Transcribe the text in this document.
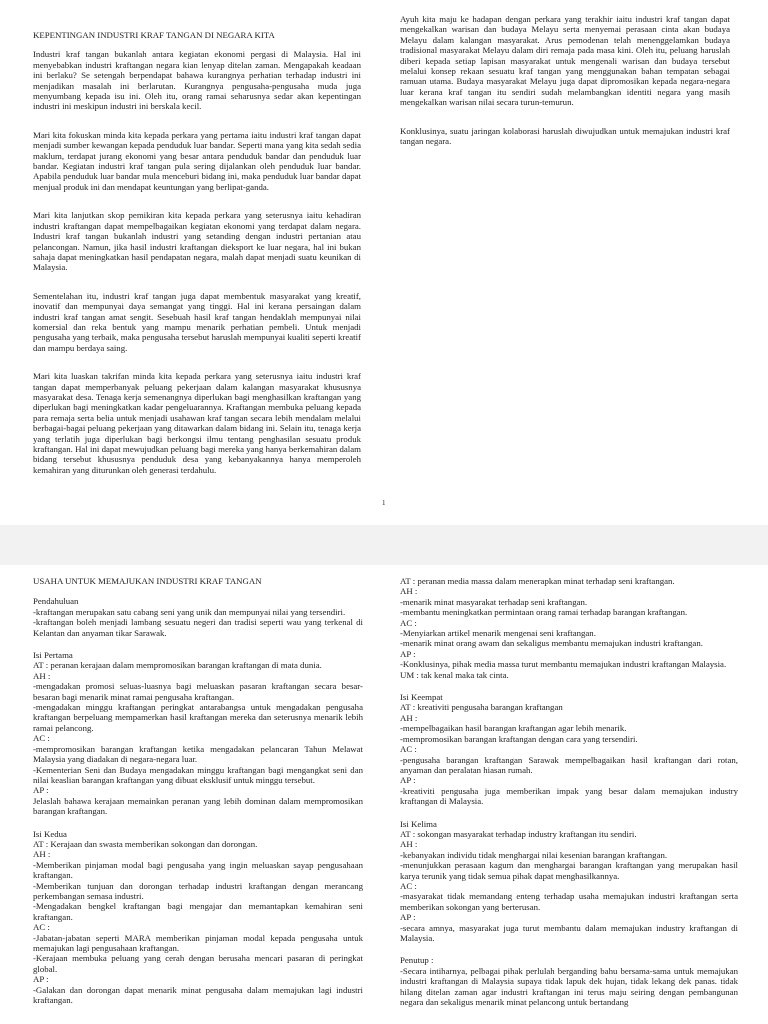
KEPENTINGAN INDUSTRI KRAF TANGAN DI NEGARA KITA

Industri kraf tangan bukanlah antara kegiatan ekonomi pergasi di Malaysia. Hal ini menyebabkan industri kraftangan negara kian lenyap ditelan zaman. Mengapakah keadaan ini berlaku? Se setengah berpendapat bahawa kurangnya perhatian terhadap industri ini menjadikan masalah ini berlarutan. Kurangnya pengusaha-pengusaha muda juga menyumbang kepada isu ini. Oleh itu, orang ramai seharusnya sedar akan kepentingan industri ini meskipun industri ini berskala kecil.

Mari kita fokuskan minda kita kepada perkara yang pertama iaitu industri kraf tangan dapat menjadi sumber kewangan kepada penduduk luar bandar. Seperti mana yang kita sedah sedia maklum, terdapat jurang ekonomi yang besar antara penduduk bandar dan penduduk luar bandar. Kegiatan industri kraf tangan pula sering dijalankan oleh penduduk luar bandar. Apabila penduduk luar bandar mula menceburi bidang ini, maka penduduk luar bandar dapat menjual produk ini dan mendapat keuntungan yang berlipat-ganda.

Mari kita lanjutkan skop pemikiran kita kepada perkara yang seterusnya iaitu kehadiran industri kraftangan dapat mempelbagaikan kegiatan ekonomi yang terdapat dalam negara. Industri kraf tangan bukanlah industri yang setanding dengan industri pertanian atau pelancongan. Namun, jika hasil industri kraftangan dieksport ke luar negara, hal ini bukan sahaja dapat meningkatkan hasil pendapatan negara, malah dapat menjadi suatu keunikan di Malaysia.

Sementelahan itu, industri kraf tangan juga dapat membentuk masyarakat yang kreatif, inovatif dan mempunyai daya semangat yang tinggi. Hal ini kerana persaingan dalam industri kraf tangan amat sengit. Sesebuah hasil kraf tangan hendaklah mempunyai nilai komersial dan reka bentuk yang mampu menarik perhatian pembeli. Untuk menjadi pengusaha yang terbaik, maka pengusaha tersebut haruslah mempunyai kualiti seperti kreatif dan mampu berdaya saing.

Mari kita luaskan takrifan minda kita kepada perkara yang seterusnya iaitu industri kraf tangan dapat memperbanyak peluang pekerjaan dalam kalangan masyarakat khususnya masyarakat desa. Tenaga kerja semenangnya diperlukan bagi menghasilkan kraftangan yang diperlukan bagi meningkatkan kadar pengeluarannya. Kraftangan membuka peluang kepada para remaja serta belia untuk menjadi usahawan kraf tangan secara lebih mendalam melalui berbagai-bagai peluang pekerjaan yang ditawarkan dalam bidang ini. Selain itu, tenaga kerja yang terlatih juga diperlukan bagi berkongsi ilmu tentang penghasilan sesuatu produk kraftangan. Hal ini dapat mewujudkan peluang bagi mereka yang hanya berkemahiran dalam bidang tersebut khususnya penduduk desa yang kebanyakannya hanya memperoleh kemahiran yang diturunkan oleh generasi terdahulu.

Ayuh kita maju ke hadapan dengan perkara yang terakhir iaitu industri kraf tangan dapat mengekalkan warisan dan budaya Melayu serta menyemai perasaan cinta akan budaya Melayu dalam kalangan masyarakat. Arus pemodenan telah menenggelamkan budaya tradisional masyarakat Melayu dalam diri remaja pada masa kini. Oleh itu, peluang haruslah diberi kepada setiap lapisan masyarakat untuk mengenali warisan dan budaya tersebut melalui konsep rekaan sesuatu kraf tangan yang menggunakan bahan tempatan sebagai ramuan utama. Budaya masyarakat Melayu juga dapat dipromosikan kepada negara-negara luar kerana kraf tangan itu sendiri sudah melambangkan identiti negara yang masih mengekalkan warisan nilai secara turun-temurun.

Konklusinya, suatu jaringan kolaborasi haruslah diwujudkan untuk memajukan industri kraf tangan negara.

1
USAHA UNTUK MEMAJUKAN INDUSTRI KRAF TANGAN
Pendahuluan
-kraftangan merupakan satu cabang seni yang unik dan mempunyai nilai yang tersendiri.
-kraftangan boleh menjadi lambang sesuatu negeri dan tradisi seperti wau yang terkenal di Kelantan dan anyaman tikar Sarawak.
Isi Pertama
AT : peranan kerajaan dalam mempromosikan barangan kraftangan di mata dunia.
AH :
-mengadakan promosi seluas-luasnya bagi meluaskan pasaran kraftangan secara besar-besaran bagi menarik minat ramai pengusaha kraftangan.
-mengadakan minggu kraftangan peringkat antarabangsa untuk mengadakan pengusaha kraftangan berpeluang mempamerkan hasil kraftangan mereka dan seterusnya menarik lebih ramai pelancong.
AC :
-mempromosikan barangan kraftangan ketika mengadakan pelancaran Tahun Melawat Malaysia yang diadakan di negara-negara luar.
-Kementerian Seni dan Budaya mengadakan minggu kraftangan bagi mengangkat seni dan nilai keaslian barangan kraftangan yang dibuat eksklusif untuk minggu tersebut.
AP :
Jelaslah bahawa kerajaan memainkan peranan yang lebih dominan dalam mempromosikan barangan kraftangan.
Isi Kedua
AT : Kerajaan dan swasta memberikan sokongan dan dorongan.
AH :
-Memberikan pinjaman modal bagi pengusaha yang ingin meluaskan sayap pengusahaan kraftangan.
-Memberikan tunjuan dan dorongan terhadap industri kraftangan dengan merancang perkembangan semasa industri.
-Mengadakan bengkel kraftangan bagi mengajar dan memantapkan kemahiran seni kraftangan.
AC :
-Jabatan-jabatan seperti MARA memberikan pinjaman modal kepada pengusaha untuk memajukan lagi pengusahaan kraftangan.
-Kerajaan membuka peluang yang cerah dengan berusaha mencari pasaran di peringkat global.
AP :
-Galakan dan dorongan dapat menarik minat pengusaha dalam memajukan lagi industri kraftangan.
AT : peranan media massa dalam menerapkan minat terhadap seni kraftangan.
AH :
-menarik minat masyarakat terhadap seni kraftangan.
-membantu meningkatkan permintaan orang ramai terhadap barangan kraftangan.
AC :
-Menyiarkan artikel menarik mengenai seni kraftangan.
-menarik minat orang awam dan sekaligus membantu memajukan industri kraftangan.
AP :
-Konklusinya, pihak media massa turut membantu memajukan industri kraftangan Malaysia.
UM : tak kenal maka tak cinta.
Isi Keempat
AT : kreativiti pengusaha barangan kraftangan
AH :
-mempelbagaikan hasil barangan kraftangan agar lebih menarik.
-mempromosikan barangan kraftangan dengan cara yang tersendiri.
AC :
-pengusaha barangan kraftangan Sarawak mempelbagaikan hasil kraftangan dari rotan, anyaman dan peralatan hiasan rumah.
AP :
-kreativiti pengusaha juga memberikan impak yang besar dalam memajukan industry kraftangan di Malaysia.
Isi Kelima
AT : sokongan masyarakat terhadap industry kraftangan itu sendiri.
AH :
-kebanyakan individu tidak menghargai nilai kesenian barangan kraftangan.
-menunjukkan perasaan kagum dan menghargai barangan kraftangan yang merupakan hasil karya terunik yang tidak semua pihak dapat menghasilkannya.
AC :
-masyarakat tidak memandang enteng terhadap usaha memajukan industri kraftangan serta memberikan sokongan yang berterusan.
AP :
-secara amnya, masyarakat juga turut membantu dalam memajukan industry kraftangan di Malaysia.
Penutup :
-Secara intiharnya, pelbagai pihak perlulah berganding bahu bersama-sama untuk memajukan industri kraftangan di Malaysia supaya tidak lapuk dek hujan, tidak lekang dek panas. tidak hilang ditelan zaman agar industri kraftangan ini terus maju seiring dengan pembangunan negara dan sekaligus menarik minat pelancong untuk bertandang
